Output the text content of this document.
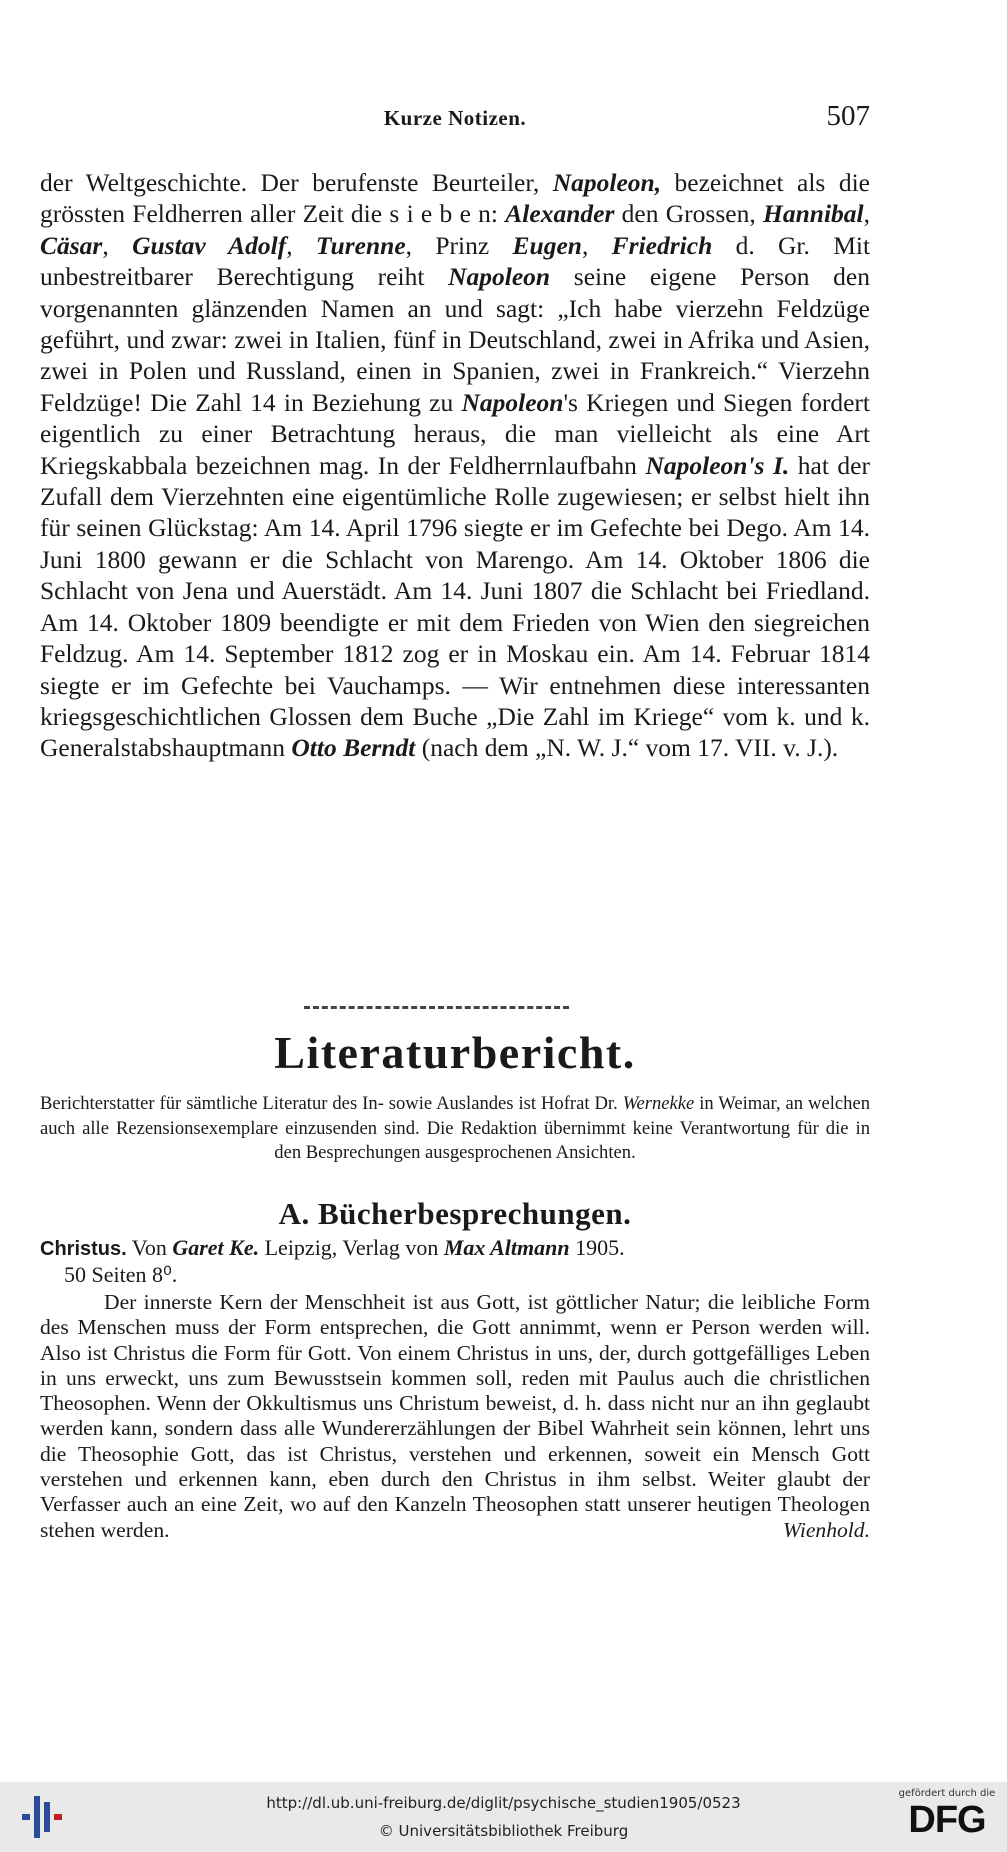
Kurze Notizen.	507

der Weltgeschichte. Der berufenste Beurteiler, Napoleon, bezeichnet als die grössten Feldherren aller Zeit die s i e b e n: Alexander den Grossen, Hannibal, Cäsar, Gustav Adolf, Turenne, Prinz Eugen, Friedrich d. Gr. Mit unbestreitbarer Berechtigung reiht Napoleon seine eigene Person den vorgenannten glänzenden Namen an und sagt: „Ich habe vierzehn Feldzüge geführt, und zwar: zwei in Italien, fünf in Deutschland, zwei in Afrika und Asien, zwei in Polen und Russland, einen in Spanien, zwei in Frankreich.“ Vierzehn Feldzüge! Die Zahl 14 in Beziehung zu Napoleon's Kriegen und Siegen fordert eigentlich zu einer Betrachtung heraus, die man vielleicht als eine Art Kriegskabbala bezeichnen mag. In der Feldherrnlaufbahn Napoleon's I. hat der Zufall dem Vierzehnten eine eigentümliche Rolle zugewiesen; er selbst hielt ihn für seinen Glückstag: Am 14. April 1796 siegte er im Gefechte bei Dego. Am 14. Juni 1800 gewann er die Schlacht von Marengo. Am 14. Oktober 1806 die Schlacht von Jena und Auerstädt. Am 14. Juni 1807 die Schlacht bei Friedland. Am 14. Oktober 1809 beendigte er mit dem Frieden von Wien den siegreichen Feldzug. Am 14. September 1812 zog er in Moskau ein. Am 14. Februar 1814 siegte er im Gefechte bei Vauchamps. — Wir entnehmen diese interessanten kriegsgeschichtlichen Glossen dem Buche „Die Zahl im Kriege“ vom k. und k. Generalstabshauptmann Otto Berndt (nach dem „N. W. J.“ vom 17. VII. v. J.).

Literaturbericht.
Berichterstatter für sämtliche Literatur des In- sowie Auslandes ist Hofrat Dr. Wernekke in Weimar, an welchen auch alle Rezensionsexemplare einzusenden sind. Die Redaktion übernimmt keine Verantwortung für die in den Besprechungen ausgesprochenen Ansichten.
A. Bücherbesprechungen.
Christus. Von Garet Ke. Leipzig, Verlag von Max Altmann 1905.
50 Seiten 8⁰.
Der innerste Kern der Menschheit ist aus Gott, ist göttlicher Natur; die leibliche Form des Menschen muss der Form entsprechen, die Gott annimmt, wenn er Person werden will. Also ist Christus die Form für Gott. Von einem Christus in uns, der, durch gottgefälliges Leben in uns erweckt, uns zum Bewusstsein kommen soll, reden mit Paulus auch die christlichen Theosophen. Wenn der Okkultismus uns Christum beweist, d. h. dass nicht nur an ihn geglaubt werden kann, sondern dass alle Wundererzählungen der Bibel Wahrheit sein können, lehrt uns die Theosophie Gott, das ist Christus, verstehen und erkennen, soweit ein Mensch Gott verstehen und erkennen kann, eben durch den Christus in ihm selbst. Weiter glaubt der Verfasser auch an eine Zeit, wo auf den Kanzeln Theosophen statt unserer heutigen Theologen stehen werden.	Wienhold.
http://dl.ub.uni-freiburg.de/diglit/psychische_studien1905/0523
© Universitätsbibliothek Freiburg
gefördert durch die
DFG
